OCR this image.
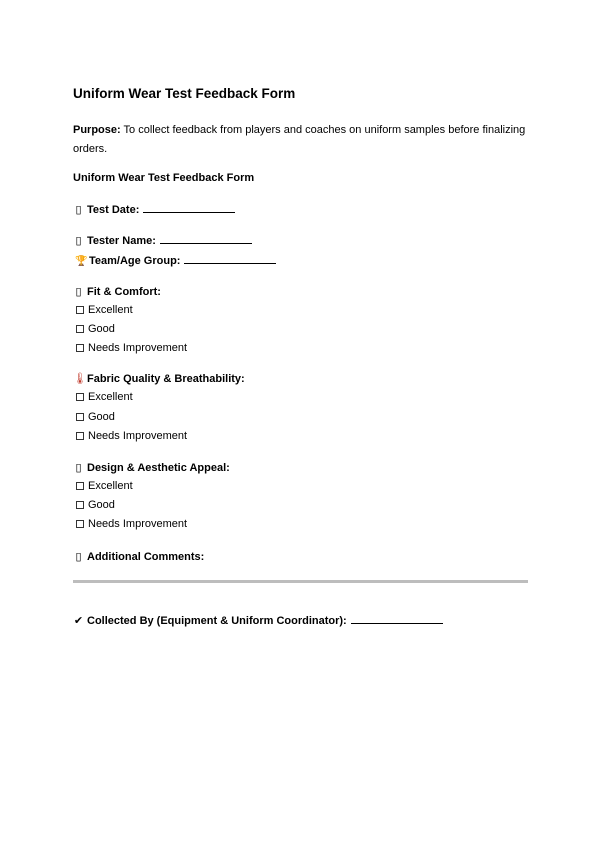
Uniform Wear Test Feedback Form
Purpose: To collect feedback from players and coaches on uniform samples before finalizing orders.
Uniform Wear Test Feedback Form
▯ Test Date:
▯ Tester Name:
🏆 Team/Age Group:
▯ Fit & Comfort:
Excellent
Good
Needs Improvement
🌡Fabric Quality & Breathability:
Excellent
Good
Needs Improvement
▯ Design & Aesthetic Appeal:
Excellent
Good
Needs Improvement
▯ Additional Comments:
✔ Collected By (Equipment & Uniform Coordinator):
